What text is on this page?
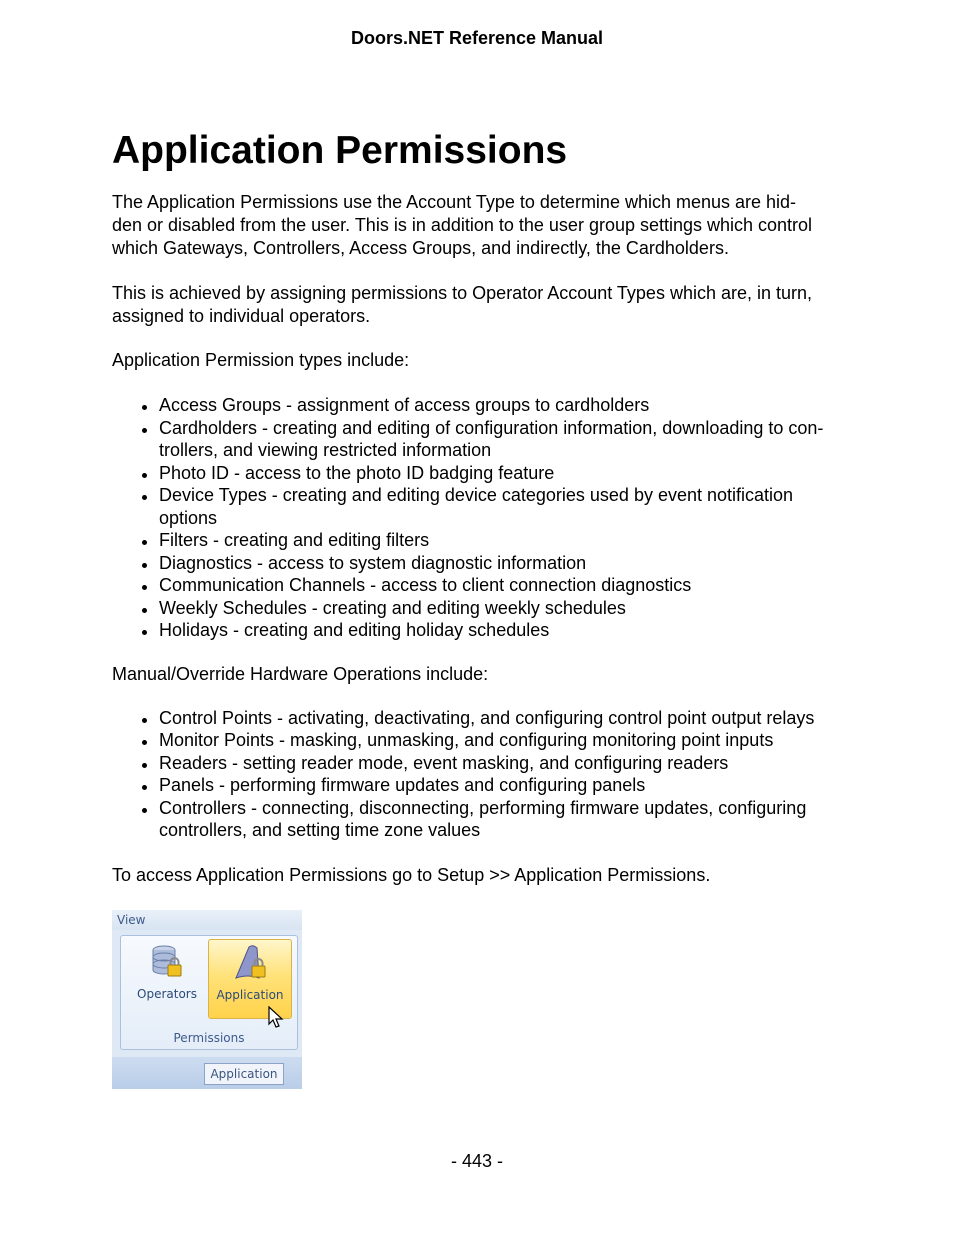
Doors.NET Reference Manual
Application Permissions

The Application Permissions use the Account Type to determine which menus are hid-
den or disabled from the user. This is in addition to the user group settings which control
which Gateways, Controllers, Access Groups, and indirectly, the Cardholders.

This is achieved by assigning permissions to Operator Account Types which are, in turn,
assigned to individual operators.

Application Permission types include:

Access Groups - assignment of access groups to cardholders
Cardholders - creating and editing of configuration information, downloading to con-
trollers, and viewing restricted information
Photo ID - access to the photo ID badging feature
Device Types - creating and editing device categories used by event notification
options
Filters - creating and editing filters
Diagnostics - access to system diagnostic information
Communication Channels - access to client connection diagnostics
Weekly Schedules - creating and editing weekly schedules
Holidays - creating and editing holiday schedules

Manual/Override Hardware Operations include:

Control Points - activating, deactivating, and configuring control point output relays
Monitor Points - masking, unmasking, and configuring monitoring point inputs
Readers - setting reader mode, event masking, and configuring readers
Panels - performing firmware updates and configuring panels
Controllers - connecting, disconnecting, performing firmware updates, configuring
controllers, and setting time zone values

To access Application Permissions go to Setup >> Application Permissions.

View
Operators	Application
Permissions
Application
- 443 -
